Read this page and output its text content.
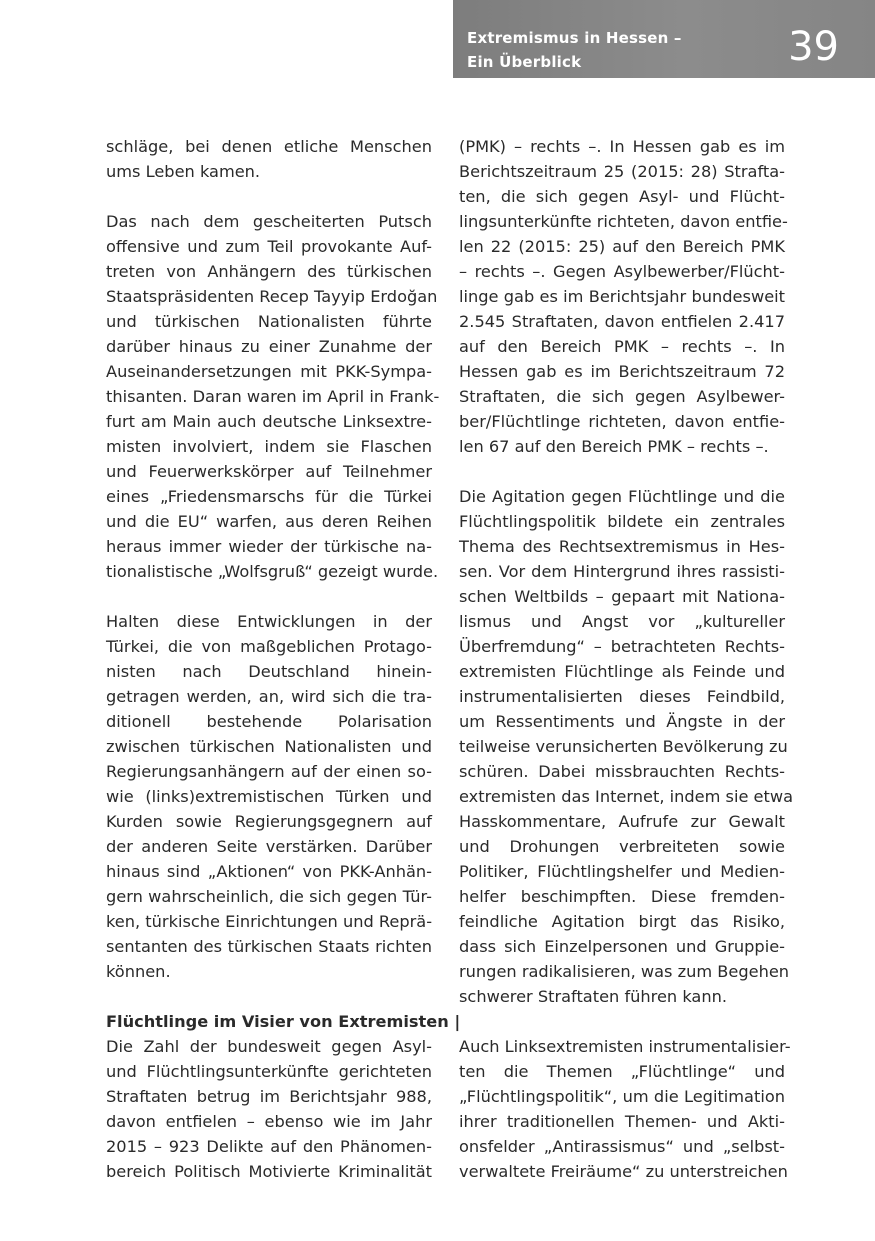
Extremismus in Hessen –
Ein Überblick	39

schläge, bei denen etliche Menschen
ums Leben kamen.

Das nach dem gescheiterten Putsch
offensive und zum Teil provokante Auf-
treten von Anhängern des türkischen
Staatspräsidenten Recep Tayyip Erdoğan
und türkischen Nationalisten führte
darüber hinaus zu einer Zunahme der
Auseinandersetzungen mit PKK-Sympa-
thisanten. Daran waren im April in Frank-
furt am Main auch deutsche Linksextre-
misten involviert, indem sie Flaschen
und Feuerwerkskörper auf Teilnehmer
eines „Friedensmarschs für die Türkei
und die EU“ warfen, aus deren Reihen
heraus immer wieder der türkische na-
tionalistische „Wolfsgruß“ gezeigt wurde.

Halten diese Entwicklungen in der
Türkei, die von maßgeblichen Protago-
nisten nach Deutschland hinein-
getragen werden, an, wird sich die tra-
ditionell bestehende Polarisation
zwischen türkischen Nationalisten und
Regierungsanhängern auf der einen so-
wie (links)extremistischen Türken und
Kurden sowie Regierungsgegnern auf
der anderen Seite verstärken. Darüber
hinaus sind „Aktionen“ von PKK-Anhän-
gern wahrscheinlich, die sich gegen Tür-
ken, türkische Einrichtungen und Reprä-
sentanten des türkischen Staats richten
können.

Flüchtlinge im Visier von Extremisten |

Die Zahl der bundesweit gegen Asyl-
und Flüchtlingsunterkünfte gerichteten
Straftaten betrug im Berichtsjahr 988,
davon entfielen – ebenso wie im Jahr
2015 – 923 Delikte auf den Phänomen-
bereich Politisch Motivierte Kriminalität

(PMK) – rechts –. In Hessen gab es im
Berichtszeitraum 25 (2015: 28) Strafta-
ten, die sich gegen Asyl- und Flücht-
lingsunterkünfte richteten, davon entfie-
len 22 (2015: 25) auf den Bereich PMK
– rechts –. Gegen Asylbewerber/Flücht-
linge gab es im Berichtsjahr bundesweit
2.545 Straftaten, davon entfielen 2.417
auf den Bereich PMK – rechts –. In
Hessen gab es im Berichtszeitraum 72
Straftaten, die sich gegen Asylbewer-
ber/Flüchtlinge richteten, davon entfie-
len 67 auf den Bereich PMK – rechts –.

Die Agitation gegen Flüchtlinge und die
Flüchtlingspolitik bildete ein zentrales
Thema des Rechtsextremismus in Hes-
sen. Vor dem Hintergrund ihres rassisti-
schen Weltbilds – gepaart mit Nationa-
lismus und Angst vor „kultureller
Überfremdung“ – betrachteten Rechts-
extremisten Flüchtlinge als Feinde und
instrumentalisierten dieses Feindbild,
um Ressentiments und Ängste in der
teilweise verunsicherten Bevölkerung zu
schüren. Dabei missbrauchten Rechts-
extremisten das Internet, indem sie etwa
Hasskommentare, Aufrufe zur Gewalt
und Drohungen verbreiteten sowie
Politiker, Flüchtlingshelfer und Medien-
helfer beschimpften. Diese fremden-
feindliche Agitation birgt das Risiko,
dass sich Einzelpersonen und Gruppie-
rungen radikalisieren, was zum Begehen
schwerer Straftaten führen kann.

Auch Linksextremisten instrumentalisier-
ten die Themen „Flüchtlinge“ und
„Flüchtlingspolitik“, um die Legitimation
ihrer traditionellen Themen- und Akti-
onsfelder „Antirassismus“ und „selbst-
verwaltete Freiräume“ zu unterstreichen
